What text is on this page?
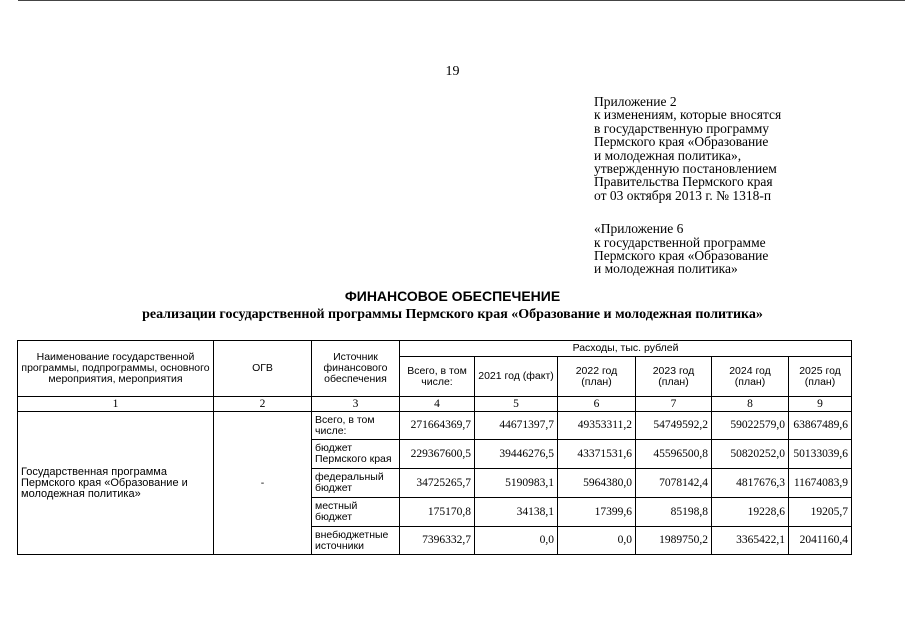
19
Приложение 2
к изменениям, которые вносятся
в государственную программу
Пермского края «Образование
и молодежная политика»,
утвержденную постановлением
Правительства Пермского края
от 03 октября 2013 г. № 1318-п
«Приложение 6
к государственной программе
Пермского края «Образование
и молодежная политика»
ФИНАНСОВОЕ ОБЕСПЕЧЕНИЕ
реализации государственной программы Пермского края «Образование и молодежная политика»
Наименование государственной программы, подпрограммы, основного мероприятия, мероприятия	ОГВ	Источник финансового обеспечения	Расходы, тыс. рублей					
			Всего, в том числе:	2021 год (факт)	2022 год (план)	2023 год (план)	2024 год (план)	2025 год (план)
1	2	3	4	5	6	7	8	9
Государственная программа Пермского края «Образование и молодежная политика»	-	Всего, в том числе:	271664369,7	44671397,7	49353311,2	54749592,2	59022579,0	63867489,6
		бюджет Пермского края	229367600,5	39446276,5	43371531,6	45596500,8	50820252,0	50133039,6
		федеральный бюджет	34725265,7	5190983,1	5964380,0	7078142,4	4817676,3	11674083,9
		местный бюджет	175170,8	34138,1	17399,6	85198,8	19228,6	19205,7
		внебюджетные источники	7396332,7	0,0	0,0	1989750,2	3365422,1	2041160,4
